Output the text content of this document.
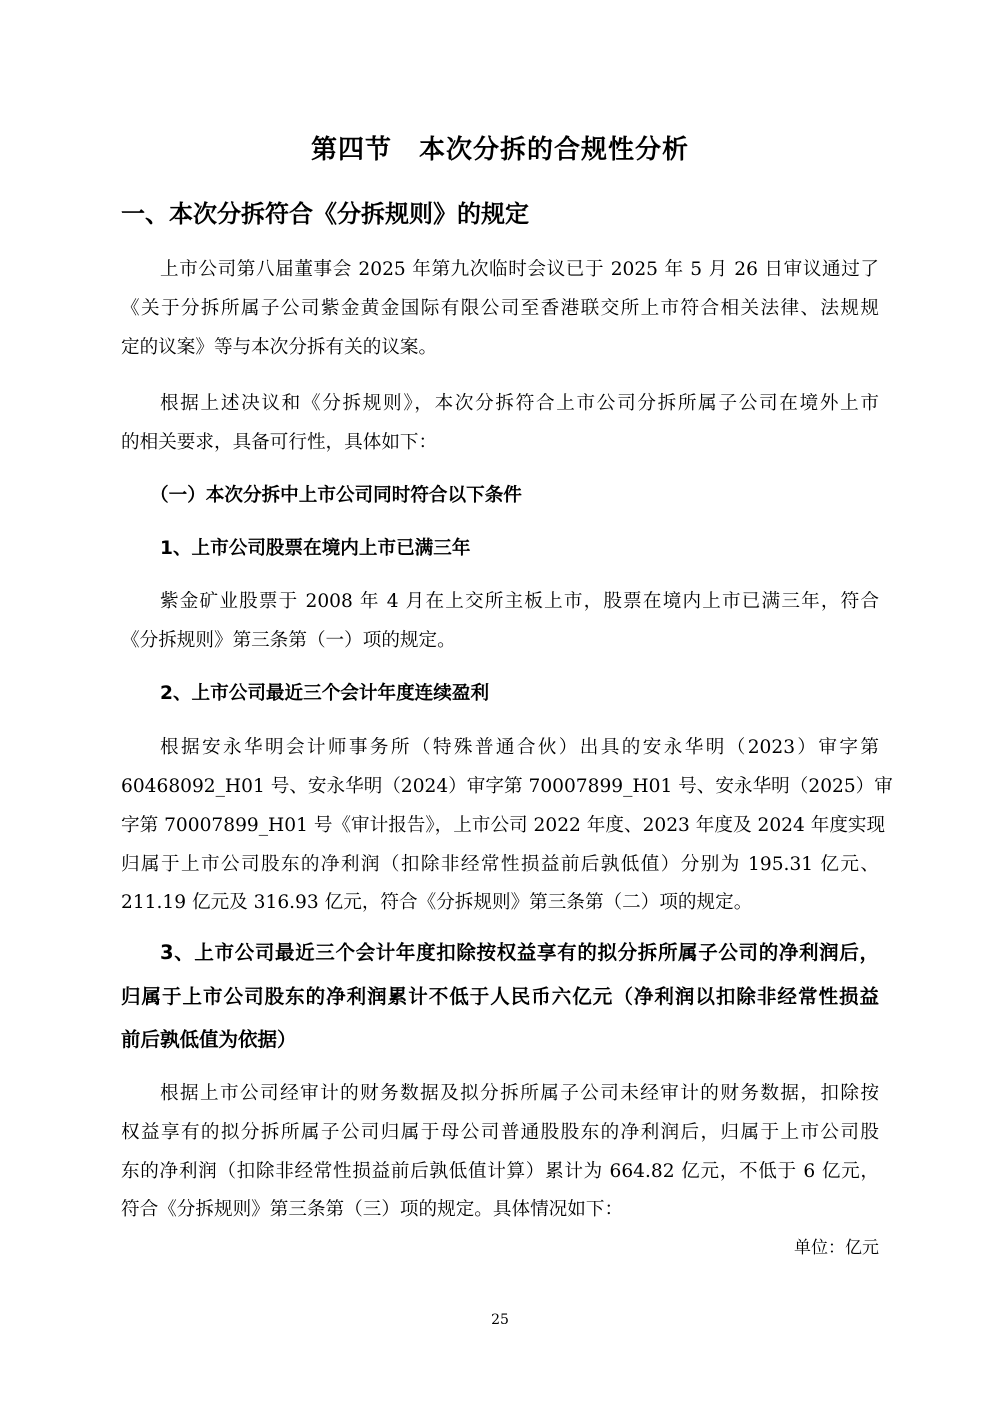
第四节　本次分拆的合规性分析
一、本次分拆符合《分拆规则》的规定
上市公司第八届董事会 2025 年第九次临时会议已于 2025 年 5 月 26 日审议通过了
《关于分拆所属子公司紫金黄金国际有限公司至香港联交所上市符合相关法律、法规规
定的议案》等与本次分拆有关的议案。
根据上述决议和《分拆规则》，本次分拆符合上市公司分拆所属子公司在境外上市
的相关要求，具备可行性，具体如下：
（一）本次分拆中上市公司同时符合以下条件
1、上市公司股票在境内上市已满三年
紫金矿业股票于 2008 年 4 月在上交所主板上市，股票在境内上市已满三年，符合
《分拆规则》第三条第（一）项的规定。
2、上市公司最近三个会计年度连续盈利
根据安永华明会计师事务所（特殊普通合伙）出具的安永华明（2023）审字第
60468092_H01 号、安永华明（2024）审字第 70007899_H01 号、安永华明（2025）审
字第 70007899_H01 号《审计报告》，上市公司 2022 年度、2023 年度及 2024 年度实现
归属于上市公司股东的净利润（扣除非经常性损益前后孰低值）分别为 195.31 亿元、
211.19 亿元及 316.93 亿元，符合《分拆规则》第三条第（二）项的规定。
3、上市公司最近三个会计年度扣除按权益享有的拟分拆所属子公司的净利润后，
归属于上市公司股东的净利润累计不低于人民币六亿元（净利润以扣除非经常性损益
前后孰低值为依据）
根据上市公司经审计的财务数据及拟分拆所属子公司未经审计的财务数据，扣除按
权益享有的拟分拆所属子公司归属于母公司普通股股东的净利润后，归属于上市公司股
东的净利润（扣除非经常性损益前后孰低值计算）累计为 664.82 亿元，不低于 6 亿元，
符合《分拆规则》第三条第（三）项的规定。具体情况如下：
单位：亿元
25
